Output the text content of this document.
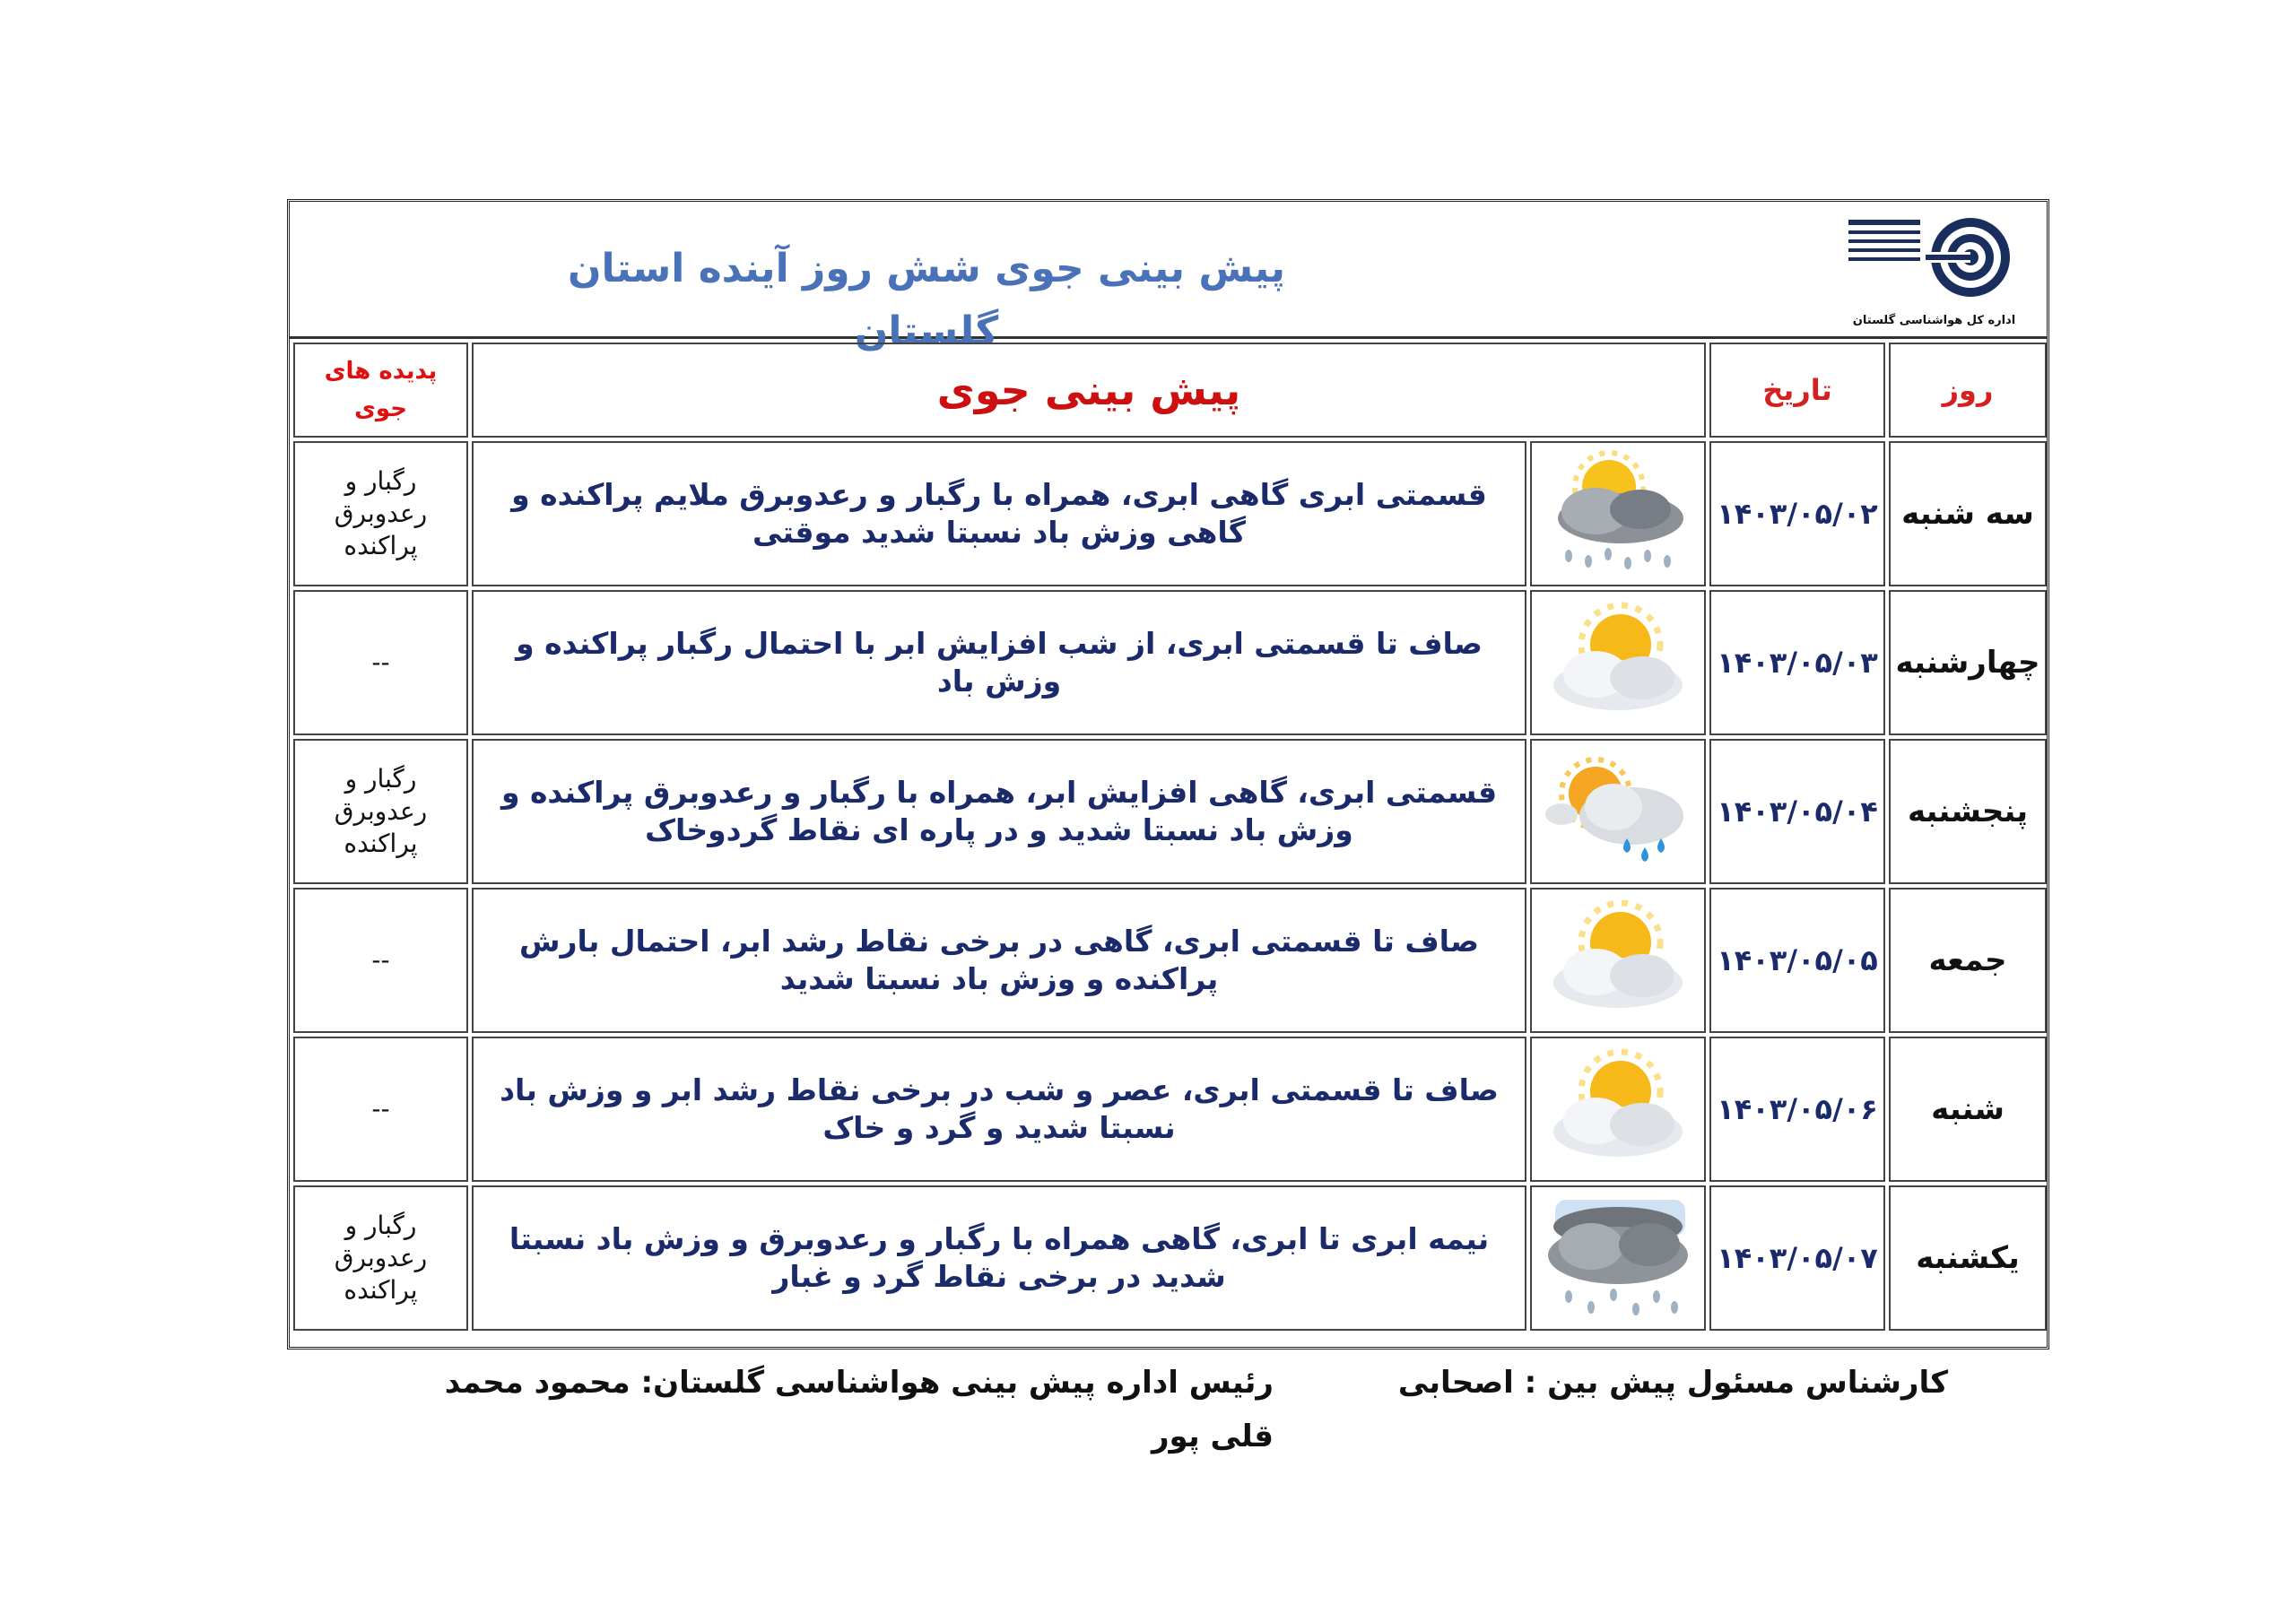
پیش بینی جوی شش روز آینده استان گلستان	اداره کل هواشناسی گلستان
روز	تاریخ	پیش بینی جوی		پدیده های
جوی

سه شنبه	۱۴۰۳/۰۵/۰۲		قسمتی ابری گاهی ابری، همراه با رگبار و رعدوبرق ملایم پراکنده و گاهی وزش باد نسبتا شدید موقتی	رگبار و رعدوبرق پراکنده
چهارشنبه	۱۴۰۳/۰۵/۰۳		صاف تا قسمتی ابری، از شب افزایش ابر با احتمال رگبار پراکنده و وزش باد	--
پنجشنبه	۱۴۰۳/۰۵/۰۴		قسمتی ابری، گاهی افزایش ابر، همراه با رگبار و رعدوبرق پراکنده و وزش باد نسبتا شدید و در پاره ای نقاط گردوخاک	رگبار و رعدوبرق پراکنده
جمعه	۱۴۰۳/۰۵/۰۵		صاف تا قسمتی ابری، گاهی در برخی نقاط رشد ابر، احتمال بارش پراکنده و وزش باد نسبتا شدید	--
شنبه	۱۴۰۳/۰۵/۰۶		صاف تا قسمتی ابری، عصر و شب در برخی نقاط رشد ابر و وزش باد نسبتا شدید و گرد و خاک	--
یکشنبه	۱۴۰۳/۰۵/۰۷		نیمه ابری تا ابری، گاهی همراه با رگبار و رعدوبرق و وزش باد نسبتا شدید در برخی نقاط گرد و غبار	رگبار و رعدوبرق پراکنده
کارشناس مسئول پیش بین : اصحابی
رئیس اداره پیش بینی هواشناسی گلستان: محمود محمد قلی پور
